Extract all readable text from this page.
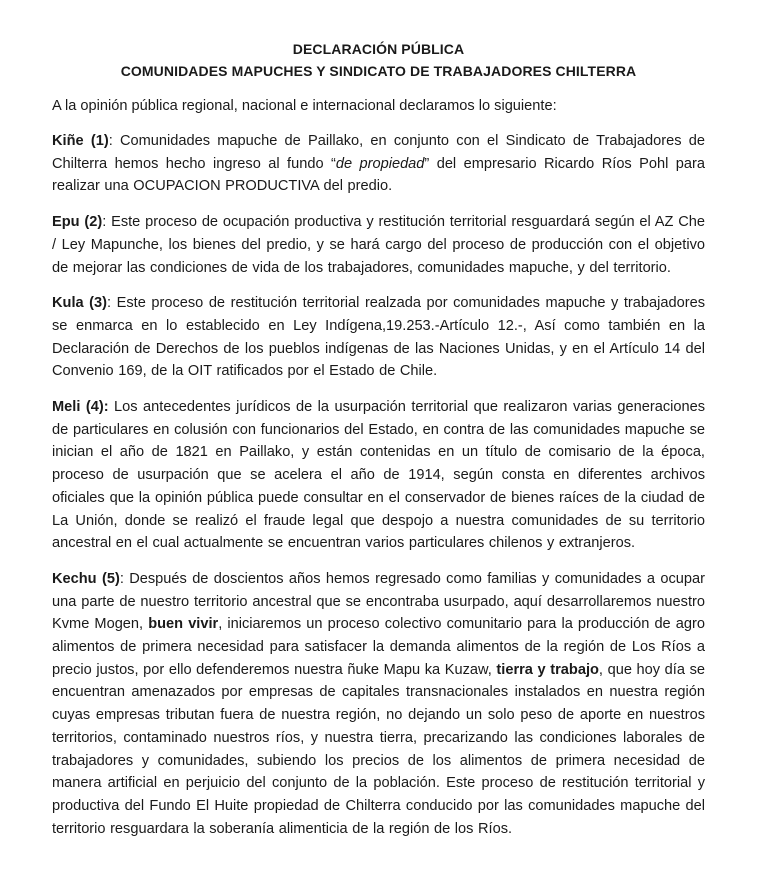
DECLARACIÓN PÚBLICA
COMUNIDADES MAPUCHES Y SINDICATO DE TRABAJADORES CHILTERRA
A la opinión pública regional, nacional e internacional declaramos lo siguiente:

Kiñe (1): Comunidades mapuche de Paillako, en conjunto con el Sindicato de Trabajadores de Chilterra hemos hecho ingreso al fundo “de propiedad” del empresario Ricardo Ríos Pohl para realizar una OCUPACION PRODUCTIVA del predio.

Epu (2): Este proceso de ocupación productiva y restitución territorial resguardará según el AZ Che / Ley Mapunche, los bienes del predio, y se hará cargo del proceso de producción con el objetivo de mejorar las condiciones de vida de los trabajadores, comunidades mapuche, y del territorio.

Kula (3): Este proceso de restitución territorial realzada por comunidades mapuche y trabajadores se enmarca en lo establecido en Ley Indígena,19.253.-Artículo 12.-, Así como también en la Declaración de Derechos de los pueblos indígenas de las Naciones Unidas, y en el Artículo 14 del Convenio 169, de la OIT ratificados por el Estado de Chile.

Meli (4): Los antecedentes jurídicos de la usurpación territorial que realizaron varias generaciones de particulares en colusión con funcionarios del Estado, en contra de las comunidades mapuche se inician el año de 1821 en Paillako, y están contenidas en un título de comisario de la época, proceso de usurpación que se acelera el año de 1914, según consta en diferentes archivos oficiales que la opinión pública puede consultar en el conservador de bienes raíces de la ciudad de La Unión, donde se realizó el fraude legal que despojo a nuestra comunidades de su territorio ancestral en el cual actualmente se encuentran varios particulares chilenos y extranjeros.

Kechu (5): Después de doscientos años hemos regresado como familias y comunidades a ocupar una parte de nuestro territorio ancestral que se encontraba usurpado, aquí desarrollaremos nuestro Kvme Mogen, buen vivir, iniciaremos un proceso colectivo comunitario para la producción de agro alimentos de primera necesidad para satisfacer la demanda alimentos de la región de Los Ríos a precio justos, por ello defenderemos nuestra ñuke Mapu ka Kuzaw, tierra y trabajo, que hoy día se encuentran amenazados por empresas de capitales transnacionales instalados en nuestra región cuyas empresas tributan fuera de nuestra región, no dejando un solo peso de aporte en nuestros territorios, contaminado nuestros ríos, y nuestra tierra, precarizando las condiciones laborales de trabajadores y comunidades, subiendo los precios de los alimentos de primera necesidad de manera artificial en perjuicio del conjunto de la población. Este proceso de restitución territorial y productiva del Fundo El Huite propiedad de Chilterra conducido por las comunidades mapuche del territorio resguardara la soberanía alimenticia de la región de los Ríos.
